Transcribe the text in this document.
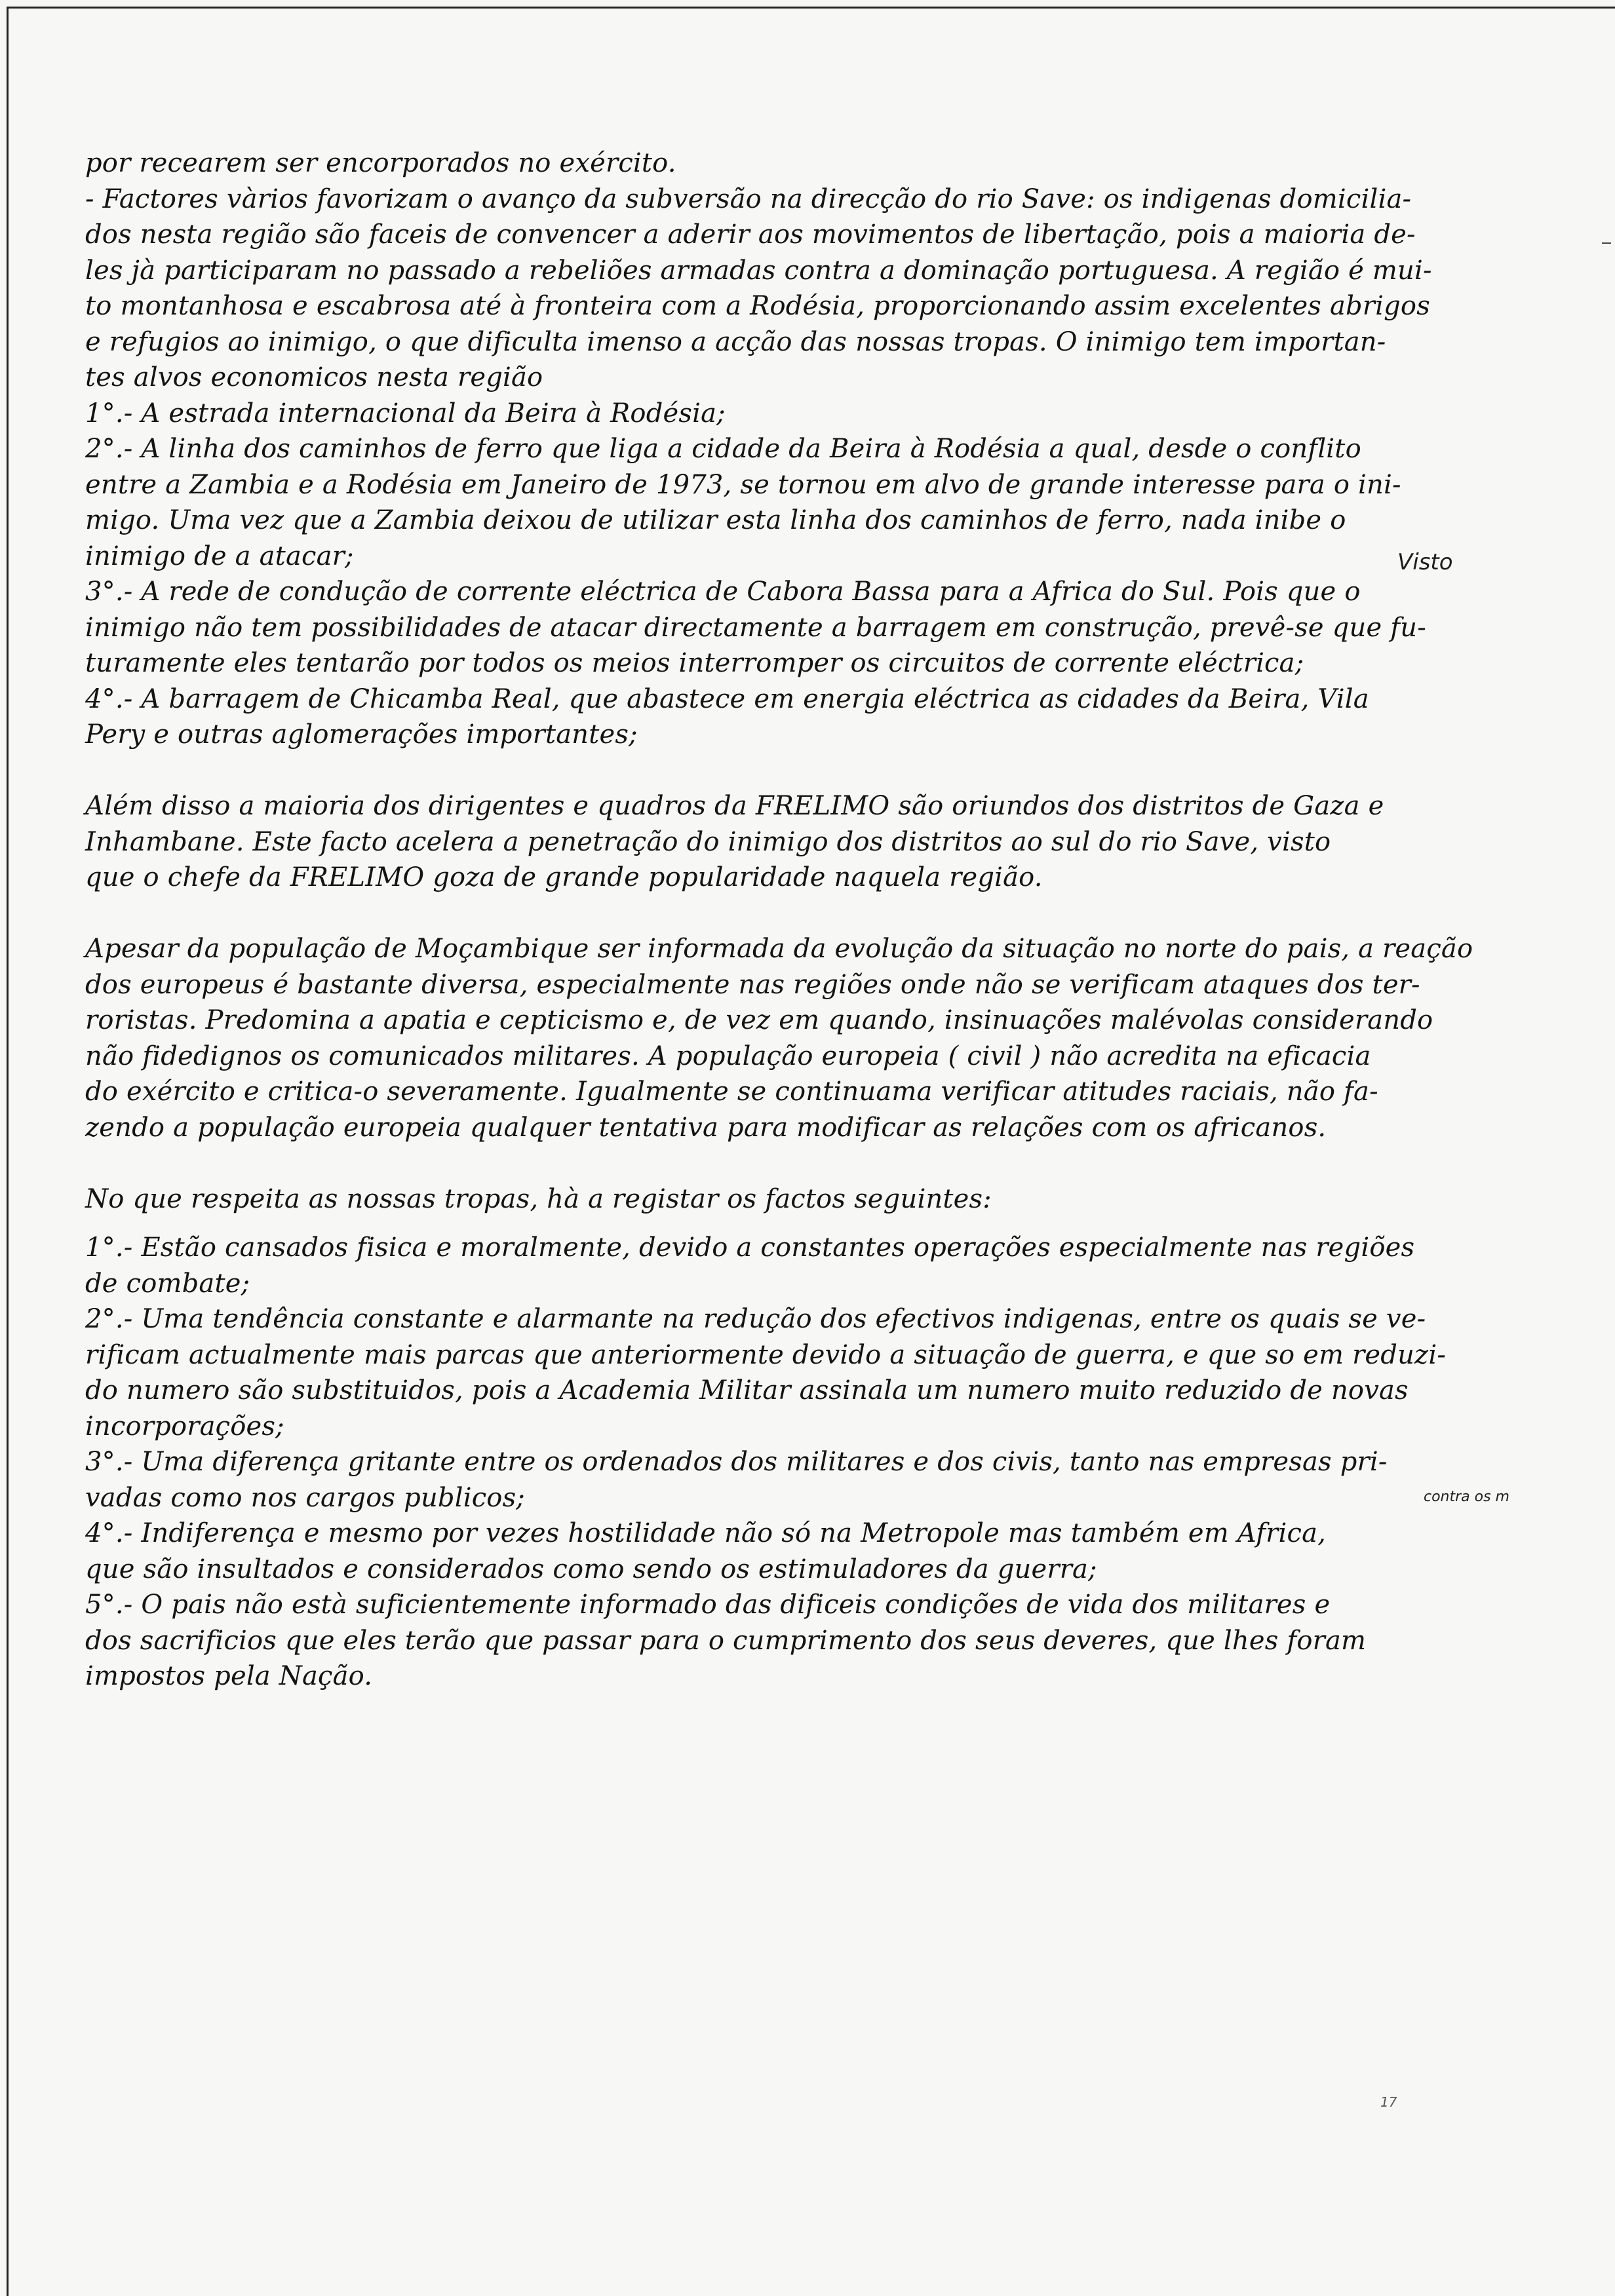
por recearem ser encorporados no exército.
- Factores vàrios favorizam o avanço da subversão na direcção do rio Save: os indigenas domicilia-
dos nesta região são faceis de convencer a aderir aos movimentos de libertação, pois a maioria de-
les jà participaram no passado a rebeliões armadas contra a dominação portuguesa. A região é mui-
to montanhosa e escabrosa até à fronteira com a Rodésia, proporcionando assim excelentes abrigos
e refugios ao inimigo, o que dificulta imenso a acção das nossas tropas. O inimigo tem importan-
tes alvos economicos nesta região
1°.- A estrada internacional da Beira à Rodésia;
2°.- A linha dos caminhos de ferro que liga a cidade da Beira à Rodésia a qual, desde o conflito
entre a Zambia e a Rodésia em Janeiro de 1973, se tornou em alvo de grande interesse para o ini-
migo. Uma vez que a Zambia deixou de utilizar esta linha dos caminhos de ferro, nada inibe o
inimigo de a atacar;
3°.- A rede de condução de corrente eléctrica de Cabora Bassa para a Africa do Sul. Pois que o
inimigo não tem possibilidades de atacar directamente a barragem em construção, prevê-se que fu-
turamente eles tentarão por todos os meios interromper os circuitos de corrente eléctrica;
4°.- A barragem de Chicamba Real, que abastece em energia eléctrica as cidades da Beira, Vila
Pery e outras aglomerações importantes;
Além disso a maioria dos dirigentes e quadros da FRELIMO são oriundos dos distritos de Gaza e
Inhambane. Este facto acelera a penetração do inimigo dos distritos ao sul do rio Save, visto
que o chefe da FRELIMO goza de grande popularidade naquela região.
Apesar da população de Moçambique ser informada da evolução da situação no norte do pais, a reação
dos europeus é bastante diversa, especialmente nas regiões onde não se verificam ataques dos ter-
roristas. Predomina a apatia e cepticismo e, de vez em quando, insinuações malévolas considerando
não fidedignos os comunicados militares. A população europeia ( civil ) não acredita na eficacia
do exército e critica-o severamente. Igualmente se continuama verificar atitudes raciais, não fa-
zendo a população europeia qualquer tentativa para modificar as relações com os africanos.
No que respeita as nossas tropas, hà a registar os factos seguintes:
1°.- Estão cansados fisica e moralmente, devido a constantes operações especialmente nas regiões
de combate;
2°.- Uma tendência constante e alarmante na redução dos efectivos indigenas, entre os quais se ve-
rificam actualmente mais parcas que anteriormente devido a situação de guerra, e que so em reduzi-
do numero são substituidos, pois a Academia Militar assinala um numero muito reduzido de novas
incorporações;
3°.- Uma diferença gritante entre os ordenados dos militares e dos civis, tanto nas empresas pri-
vadas como nos cargos publicos;
4°.- Indiferença e mesmo por vezes hostilidade não só na Metropole mas também em Africa,
que são insultados e considerados como sendo os estimuladores da guerra;
5°.- O pais não està suficientemente informado das dificeis condições de vida dos militares e
dos sacrificios que eles terão que passar para o cumprimento dos seus deveres, que lhes foram
impostos pela Nação.
Visto
contra os m
17
